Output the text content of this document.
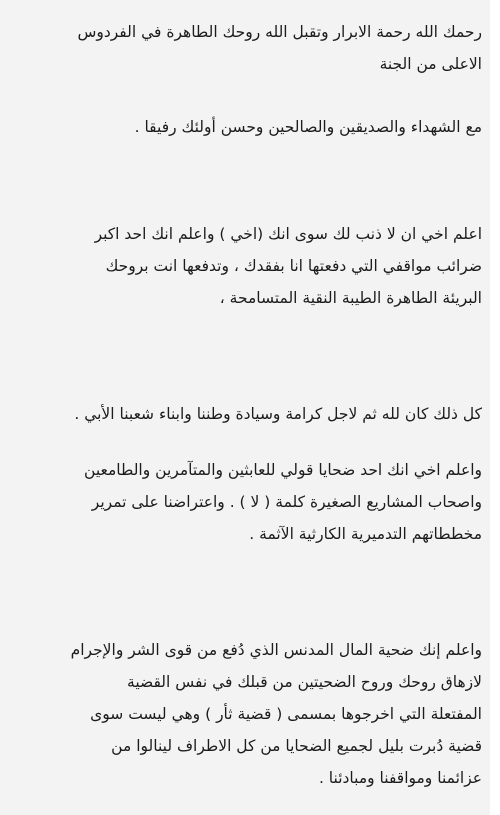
رحمك الله رحمة الابرار وتقبل الله روحك الطاهرة في الفردوس
الاعلى من الجنة
مع الشهداء والصديقين والصالحين وحسن أولئك رفيقا .
اعلم اخي ان لا ذنب لك سوى انك (اخي ) واعلم انك احد اكبر
ضرائب مواقفي التي دفعتها انا بفقدك ، وتدفعها انت بروحك
البريئة الطاهرة الطيبة النقية المتسامحة ،
كل ذلك كان لله ثم لاجل كرامة وسيادة وطننا وابناء شعبنا الأبي .
واعلم اخي انك احد ضحايا قولي للعابثين والمتآمرين والطامعين
واصحاب المشاريع الصغيرة كلمة ( لا ) . واعتراضنا على تمرير
مخططاتهم التدميرية الكارثية الآثمة .
واعلم إنك ضحية المال المدنس الذي دُفع من قوى الشر والإجرام
لازهاق روحك وروح الضحيتين من قبلك في نفس القضية
المفتعلة التي اخرجوها بمسمى ( قضية ثأر ) وهي ليست سوى
قضية دُبرت بليل لجميع الضحايا من كل الاطراف لينالوا من
عزائمنا ومواقفنا ومبادئنا .
